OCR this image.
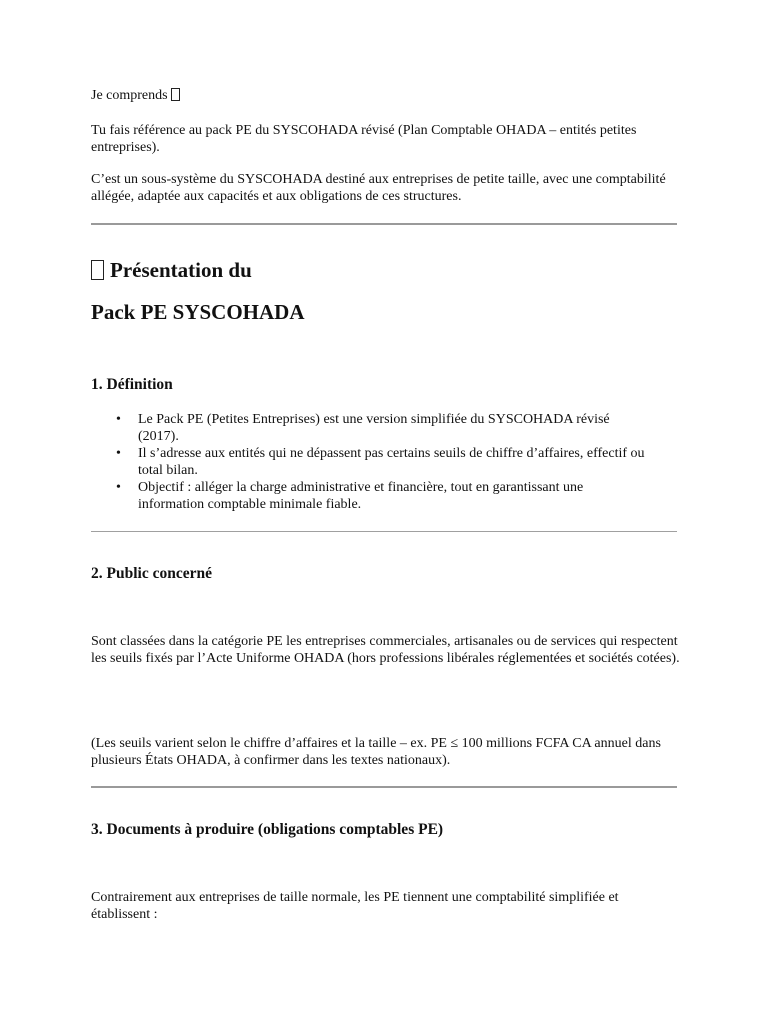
Je comprends

Tu fais référence au pack PE du SYSCOHADA révisé (Plan Comptable OHADA – entités petites entreprises).

C’est un sous-système du SYSCOHADA destiné aux entreprises de petite taille, avec une comptabilité allégée, adaptée aux capacités et aux obligations de ces structures.

Présentation du
Pack PE SYSCOHADA
1. Définition
• Le Pack PE (Petites Entreprises) est une version simplifiée du SYSCOHADA révisé (2017).
• Il s’adresse aux entités qui ne dépassent pas certains seuils de chiffre d’affaires, effectif ou total bilan.
• Objectif : alléger la charge administrative et financière, tout en garantissant une information comptable minimale fiable.
2. Public concerné

Sont classées dans la catégorie PE les entreprises commerciales, artisanales ou de services qui respectent les seuils fixés par l’Acte Uniforme OHADA (hors professions libérales réglementées et sociétés cotées).

(Les seuils varient selon le chiffre d’affaires et la taille – ex. PE ≤ 100 millions FCFA CA annuel dans plusieurs États OHADA, à confirmer dans les textes nationaux).

3. Documents à produire (obligations comptables PE)

Contrairement aux entreprises de taille normale, les PE tiennent une comptabilité simplifiée et établissent :
